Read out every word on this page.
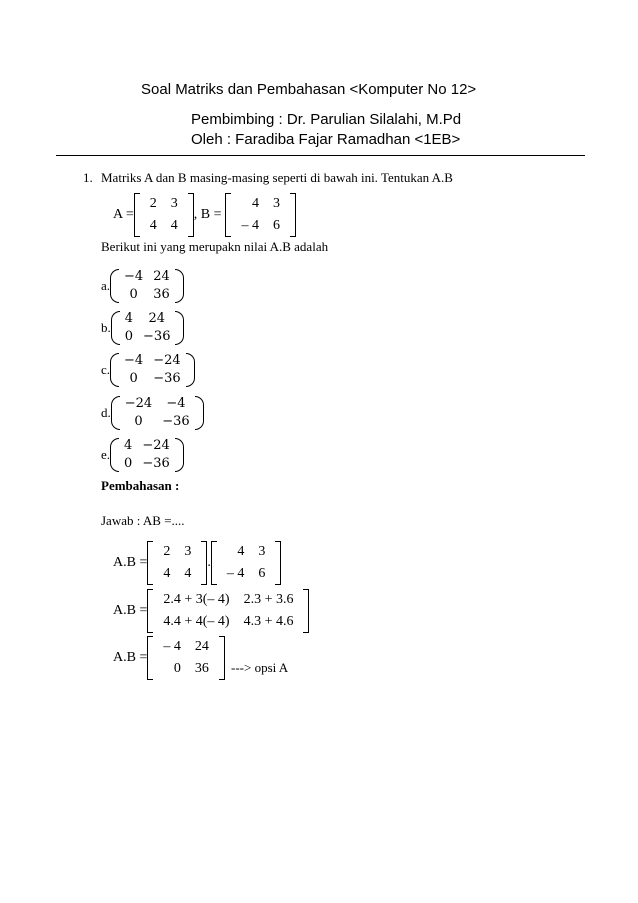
Soal Matriks dan Pembahasan <Komputer No 12>
Pembimbing : Dr. Parulian Silalahi, M.Pd
Oleh : Faradiba Fajar Ramadhan <1EB>
1. Matriks A dan B masing-masing seperti di bawah ini. Tentukan A.B
A =
2	3
4	4
, B =
4	3
– 4	6
Berikut ini yang merupakn nilai A.B adalah
a.
−4	24
0	36
b.
4	24
0	−36
c.
−4	−24
0	−36
d.
−24	−4
0	−36
e.
4	−24
0	−36
Pembahasan :
Jawab : AB =....
A.B =
2	3
4	4
.
4	3
– 4	6
A.B =
2.4 + 3(– 4)	2.3 + 3.6
4.4 + 4(– 4)	4.3 + 4.6
A.B =
– 4	24
0	36 ---> opsi A
